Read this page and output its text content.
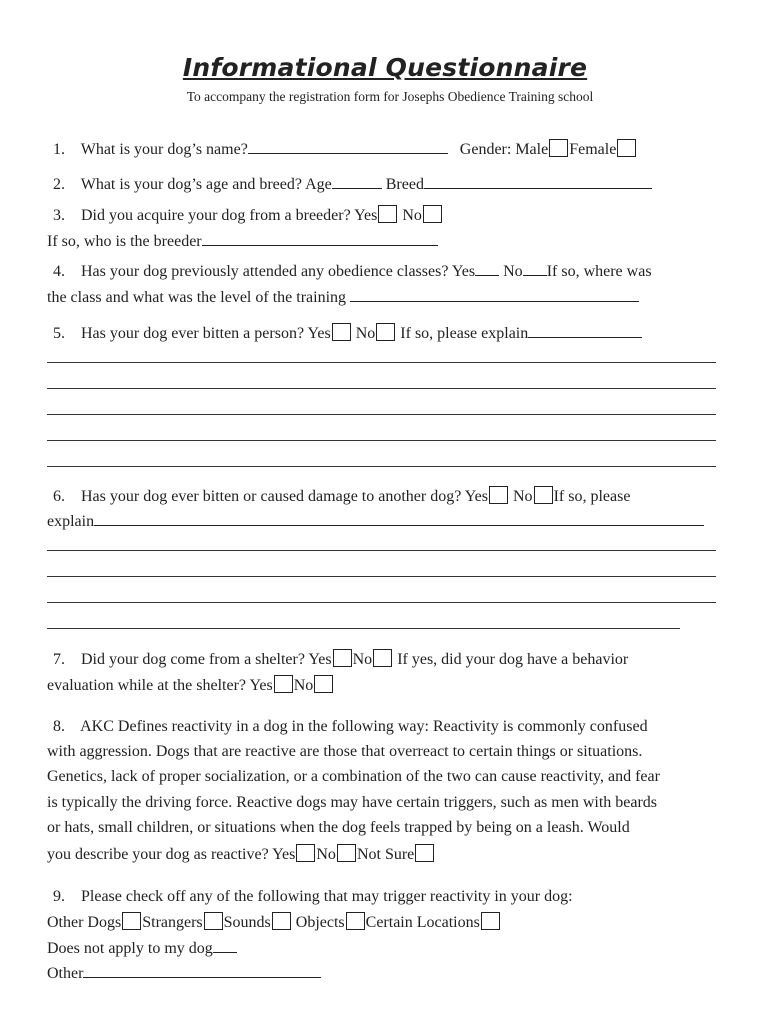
Informational Questionnaire
To accompany the registration form for Josephs Obedience Training school
1. What is your dog’s name?	Gender: Male Female
2. What is your dog’s age and breed? Age	Breed
3. Did you acquire your dog from a breeder? Yes No
If so, who is the breeder
4. Has your dog previously attended any obedience classes? Yes No If so, where was
the class and what was the level of the training
5. Has your dog ever bitten a person? Yes No If so, please explain
6. Has your dog ever bitten or caused damage to another dog? Yes No If so, please
explain
7. Did your dog come from a shelter? Yes No If yes, did your dog have a behavior
evaluation while at the shelter? Yes No
8. AKC Defines reactivity in a dog in the following way: Reactivity is commonly confused
with aggression. Dogs that are reactive are those that overreact to certain things or situations.
Genetics, lack of proper socialization, or a combination of the two can cause reactivity, and fear
is typically the driving force. Reactive dogs may have certain triggers, such as men with beards
or hats, small children, or situations when the dog feels trapped by being on a leash. Would
you describe your dog as reactive? Yes No Not Sure
9. Please check off any of the following that may trigger reactivity in your dog:
Other Dogs Strangers Sounds Objects Certain Locations
Does not apply to my dog
Other
